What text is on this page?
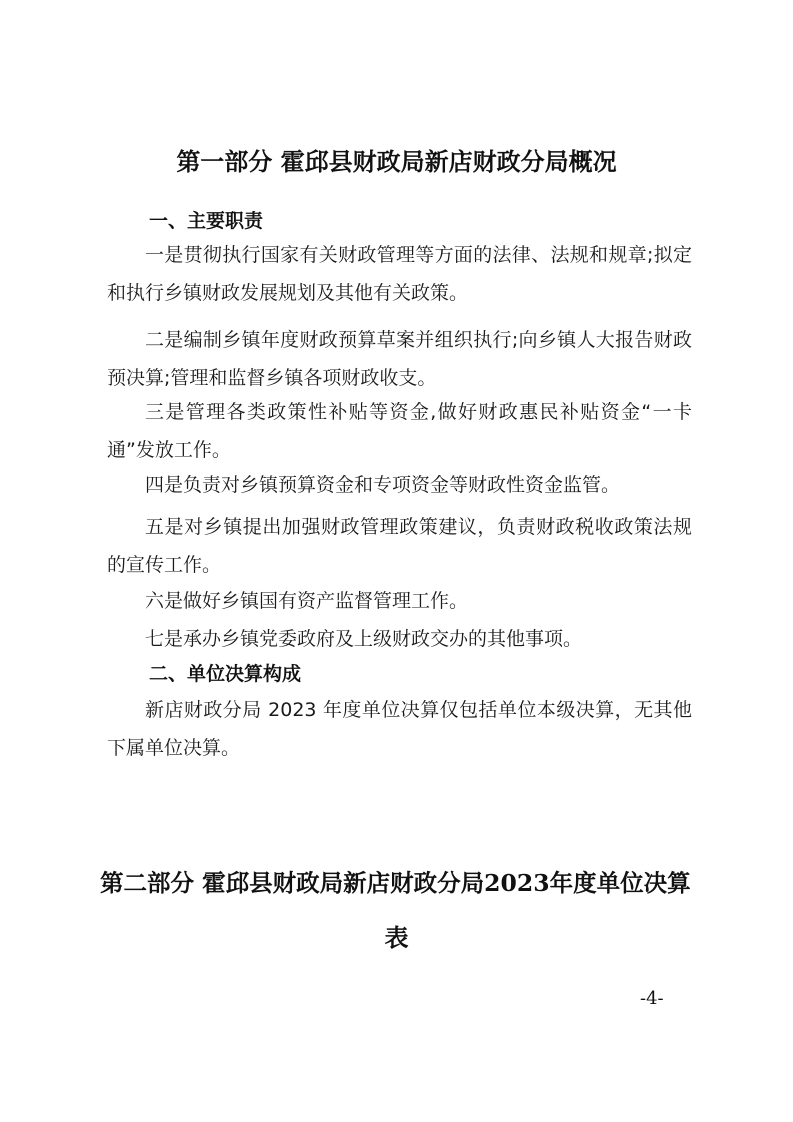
第一部分 霍邱县财政局新店财政分局概况
一、主要职责

一是贯彻执行国家有关财政管理等方面的法律、法规和规章;拟定和执行乡镇财政发展规划及其他有关政策。

二是编制乡镇年度财政预算草案并组织执行;向乡镇人大报告财政预决算;管理和监督乡镇各项财政收支。

三是管理各类政策性补贴等资金,做好财政惠民补贴资金“一卡通”发放工作。

四是负责对乡镇预算资金和专项资金等财政性资金监管。

五是对乡镇提出加强财政管理政策建议，负责财政税收政策法规的宣传工作。

六是做好乡镇国有资产监督管理工作。

七是承办乡镇党委政府及上级财政交办的其他事项。

二、单位决算构成

新店财政分局 2023 年度单位决算仅包括单位本级决算，无其他下属单位决算。

第二部分 霍邱县财政局新店财政分局2023年度单位决算
表
-4-
